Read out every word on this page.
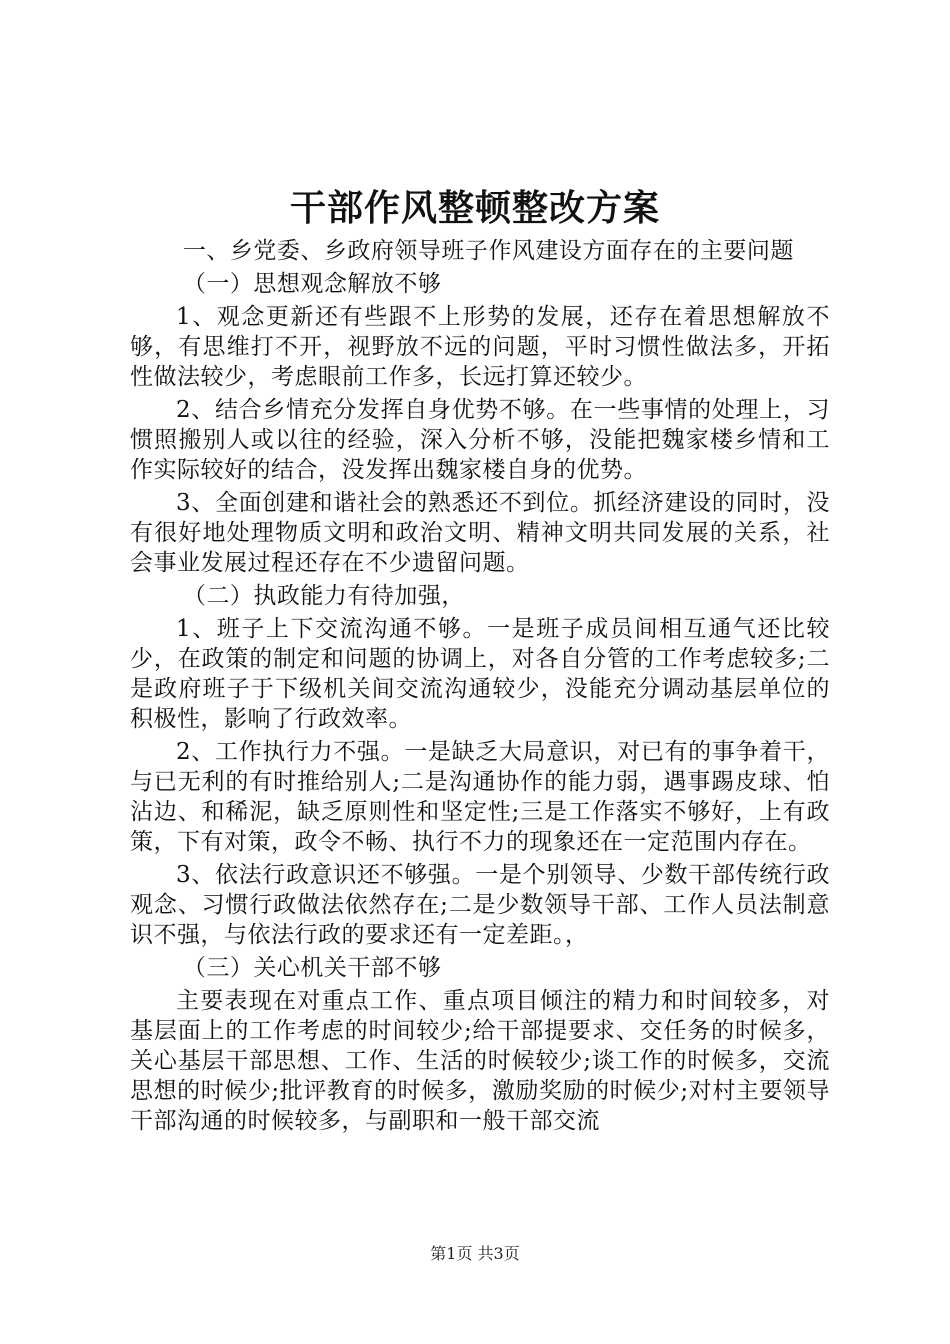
干部作风整顿整改方案

一、乡党委、乡政府领导班子作风建设方面存在的主要问题

（一）思想观念解放不够

1、观念更新还有些跟不上形势的发展，还存在着思想解放不够，有思维打不开，视野放不远的问题，平时习惯性做法多，开拓性做法较少，考虑眼前工作多，长远打算还较少。

2、结合乡情充分发挥自身优势不够。在一些事情的处理上，习惯照搬别人或以往的经验，深入分析不够，没能把魏家楼乡情和工作实际较好的结合，没发挥出魏家楼自身的优势。

3、全面创建和谐社会的熟悉还不到位。抓经济建设的同时，没有很好地处理物质文明和政治文明、精神文明共同发展的关系，社会事业发展过程还存在不少遗留问题。

（二）执政能力有待加强，

1、班子上下交流沟通不够。一是班子成员间相互通气还比较少，在政策的制定和问题的协调上，对各自分管的工作考虑较多;二是政府班子于下级机关间交流沟通较少，没能充分调动基层单位的积极性，影响了行政效率。

2、工作执行力不强。一是缺乏大局意识，对已有的事争着干，与已无利的有时推给别人;二是沟通协作的能力弱，遇事踢皮球、怕沾边、和稀泥，缺乏原则性和坚定性;三是工作落实不够好，上有政策，下有对策，政令不畅、执行不力的现象还在一定范围内存在。

3、依法行政意识还不够强。一是个别领导、少数干部传统行政观念、习惯行政做法依然存在;二是少数领导干部、工作人员法制意识不强，与依法行政的要求还有一定差距。，

（三）关心机关干部不够

主要表现在对重点工作、重点项目倾注的精力和时间较多，对基层面上的工作考虑的时间较少;给干部提要求、交任务的时候多，关心基层干部思想、工作、生活的时候较少;谈工作的时候多，交流思想的时候少;批评教育的时候多，激励奖励的时候少;对村主要领导干部沟通的时候较多，与副职和一般干部交流

第1页 共3页
